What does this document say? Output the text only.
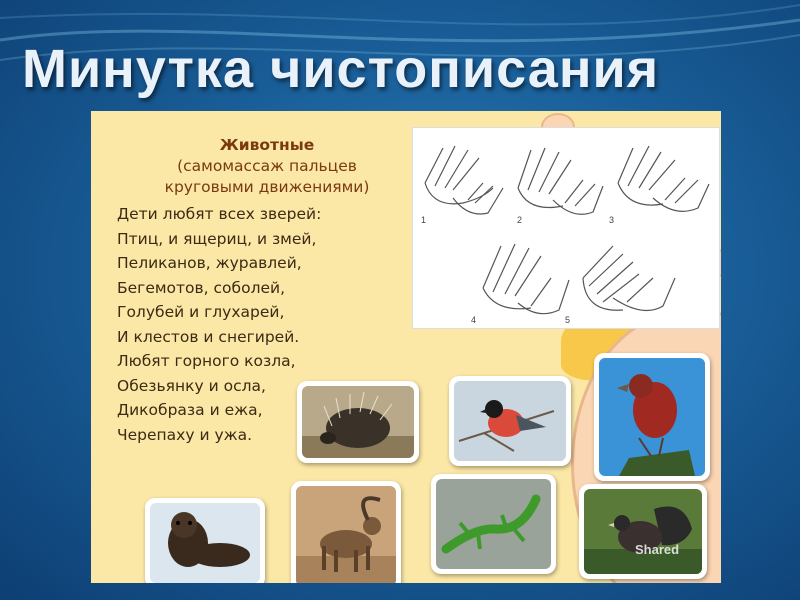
Минутка чистописания
Животные
(самомассаж пальцев
круговыми движениями)
Дети любят всех зверей:
Птиц, и ящериц, и змей,
Пеликанов, журавлей,
Бегемотов, соболей,
Голубей и глухарей,
И клестов и снегирей.
Любят горного козла,
Обезьянку и осла,
Дикобраза и ежа,
Черепаху и ужа.
1	2	3
4	5
Shared
